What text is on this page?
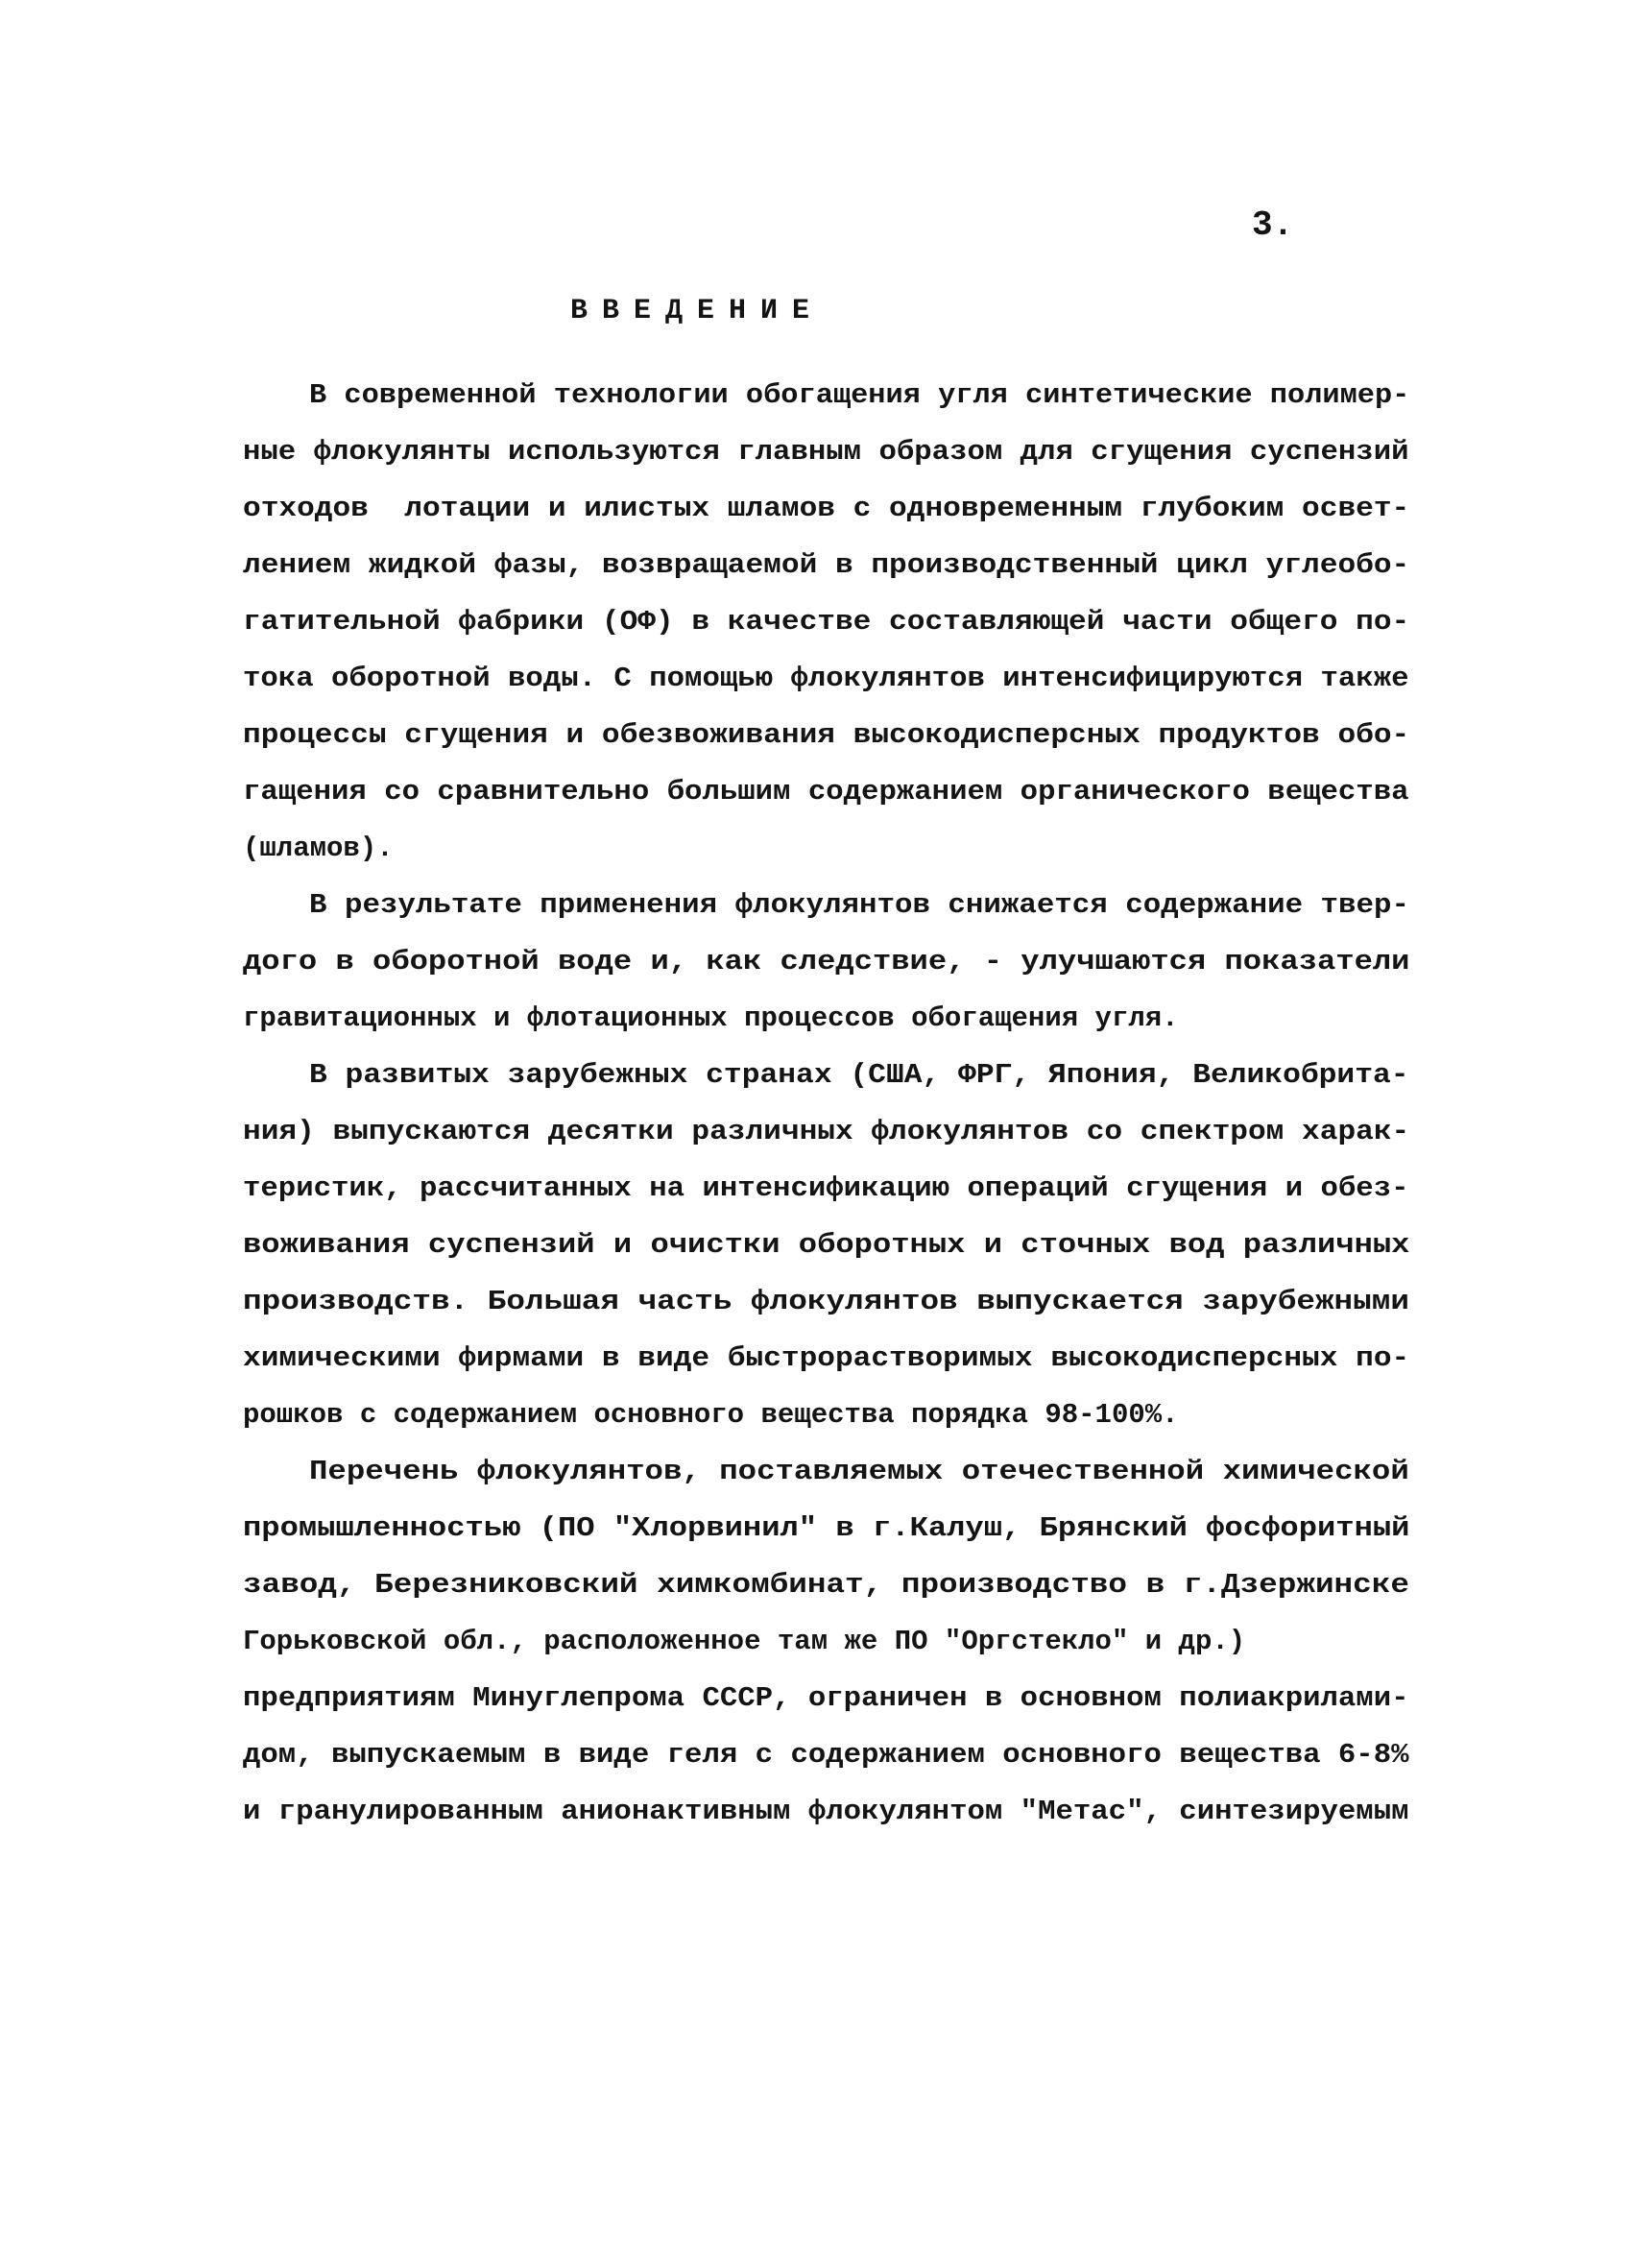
3.

ВВЕДЕНИЕ

В современной технологии обогащения угля синтетические полимер-

ные флокулянты используются главным образом для сгущения суспензий

отходов  лотации и илистых шламов с одновременным глубоким освет-

лением жидкой фазы, возвращаемой в производственный цикл углеобо-

гатительной фабрики (ОФ) в качестве составляющей части общего по-

тока оборотной воды. С помощью флокулянтов интенсифицируются также

процессы сгущения и обезвоживания высокодисперсных продуктов обо-

гащения со сравнительно большим содержанием органического вещества

(шламов).

В результате применения флокулянтов снижается содержание твер-

дого в оборотной воде и, как следствие, - улучшаются показатели

гравитационных и флотационных процессов обогащения угля.

В развитых зарубежных странах (США, ФРГ, Япония, Великобрита-

ния) выпускаются десятки различных флокулянтов со спектром харак-

теристик, рассчитанных на интенсификацию операций сгущения и обез-

воживания суспензий и очистки оборотных и сточных вод различных

производств. Большая часть флокулянтов выпускается зарубежными

химическими фирмами в виде быстрорастворимых высокодисперсных по-

рошков с содержанием основного вещества порядка 98-100%.

Перечень флокулянтов, поставляемых отечественной химической

промышленностью (ПО "Хлорвинил" в г.Калуш, Брянский фосфоритный

завод, Березниковский химкомбинат, производство в г.Дзержинске

Горьковской обл., расположенное там же ПО "Оргстекло" и др.)

предприятиям Минуглепрома СССР, ограничен в основном полиакрилами-

дом, выпускаемым в виде геля с содержанием основного вещества 6-8%

и гранулированным анионактивным флокулянтом "Метас", синтезируемым
